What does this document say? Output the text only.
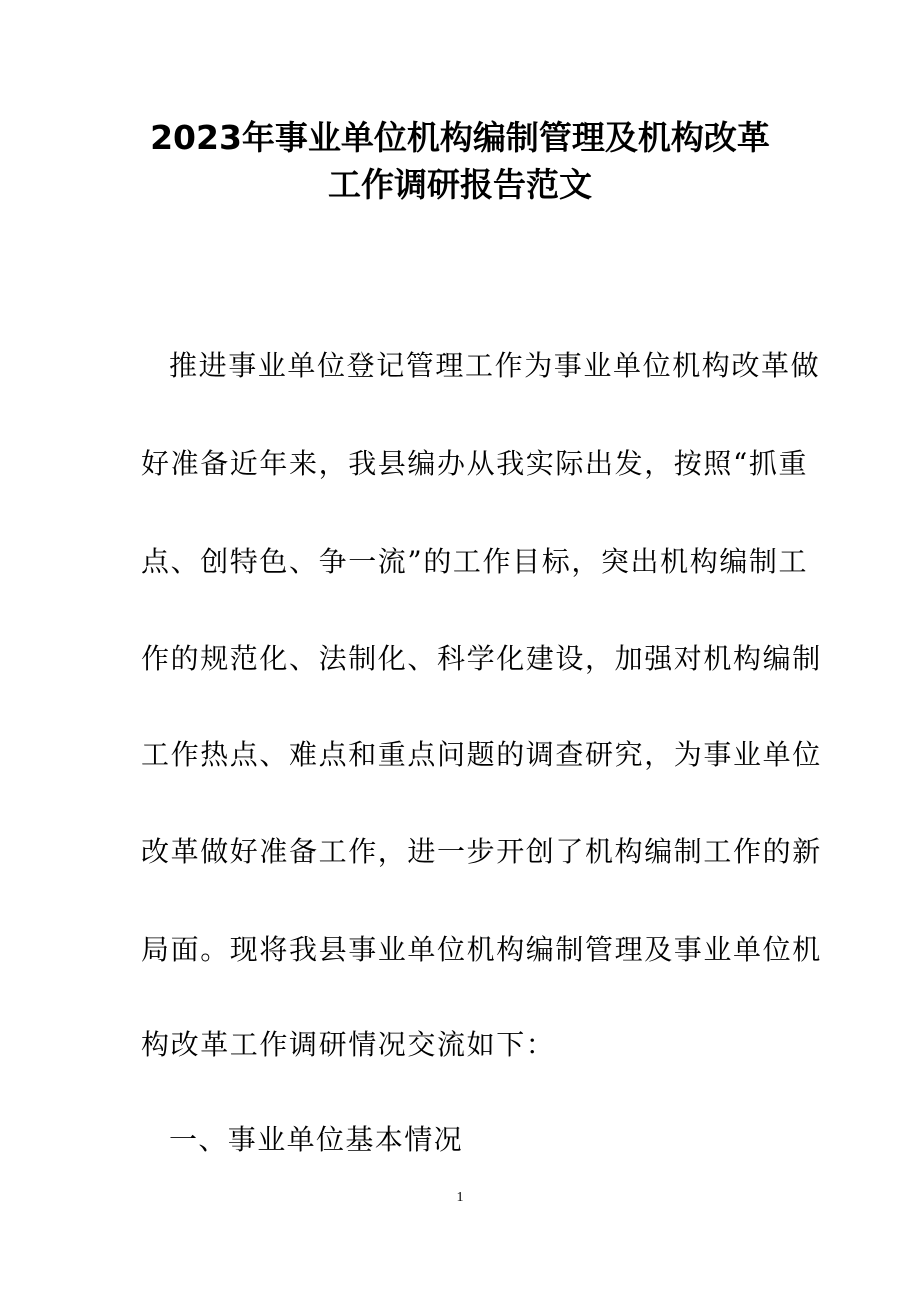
2023年事业单位机构编制管理及机构改革
工作调研报告范文
推进事业单位登记管理工作为事业单位机构改革做
好准备近年来，我县编办从我实际出发，按照“抓重
点、创特色、争一流”的工作目标，突出机构编制工
作的规范化、法制化、科学化建设，加强对机构编制
工作热点、难点和重点问题的调查研究，为事业单位
改革做好准备工作，进一步开创了机构编制工作的新
局面。现将我县事业单位机构编制管理及事业单位机
构改革工作调研情况交流如下：
一、事业单位基本情况
1
